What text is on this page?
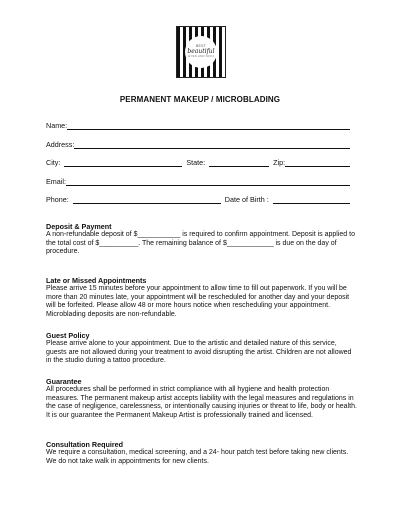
BEST
beautiful
EYES AND SKIN
PERMANENT MAKEUP / MICROBLADING
Name:
Address:
City:	State:	Zip:
Email:
Phone:	Date of Birth :
Deposit & Payment

A non-refundable deposit of $___________ is required to confirm appointment. Deposit is applied to the total cost of $__________. The remaining balance of $____________ is due on the day of procedure.

Late or Missed Appointments

Please arrive 15 minutes before your appointment to allow time to fill out paperwork. If you will be more than 20 minutes late, your appointment will be rescheduled for another day and your deposit will be forfeited. Please allow 48 or more hours notice when rescheduling your appointment. Microblading deposits are non-refundable.

Guest Policy

Please arrive alone to your appointment. Due to the artistic and detailed nature of this service, guests are not allowed during your treatment to avoid disrupting the artist. Children are not allowed in the studio during a tattoo procedure.

Guarantee

All procedures shall be performed in strict compliance with all hygiene and health protection measures. The permanent makeup artist accepts liability with the legal measures and regulations in the case of negligence, carelessness, or intentionally causing injuries or threat to life, body or health. It is our guarantee the Permanent Makeup Artist is professionally trained and licensed.

Consultation Required

We require a consultation, medical screening, and a 24- hour patch test before taking new clients. We do not take walk in appointments for new clients.
